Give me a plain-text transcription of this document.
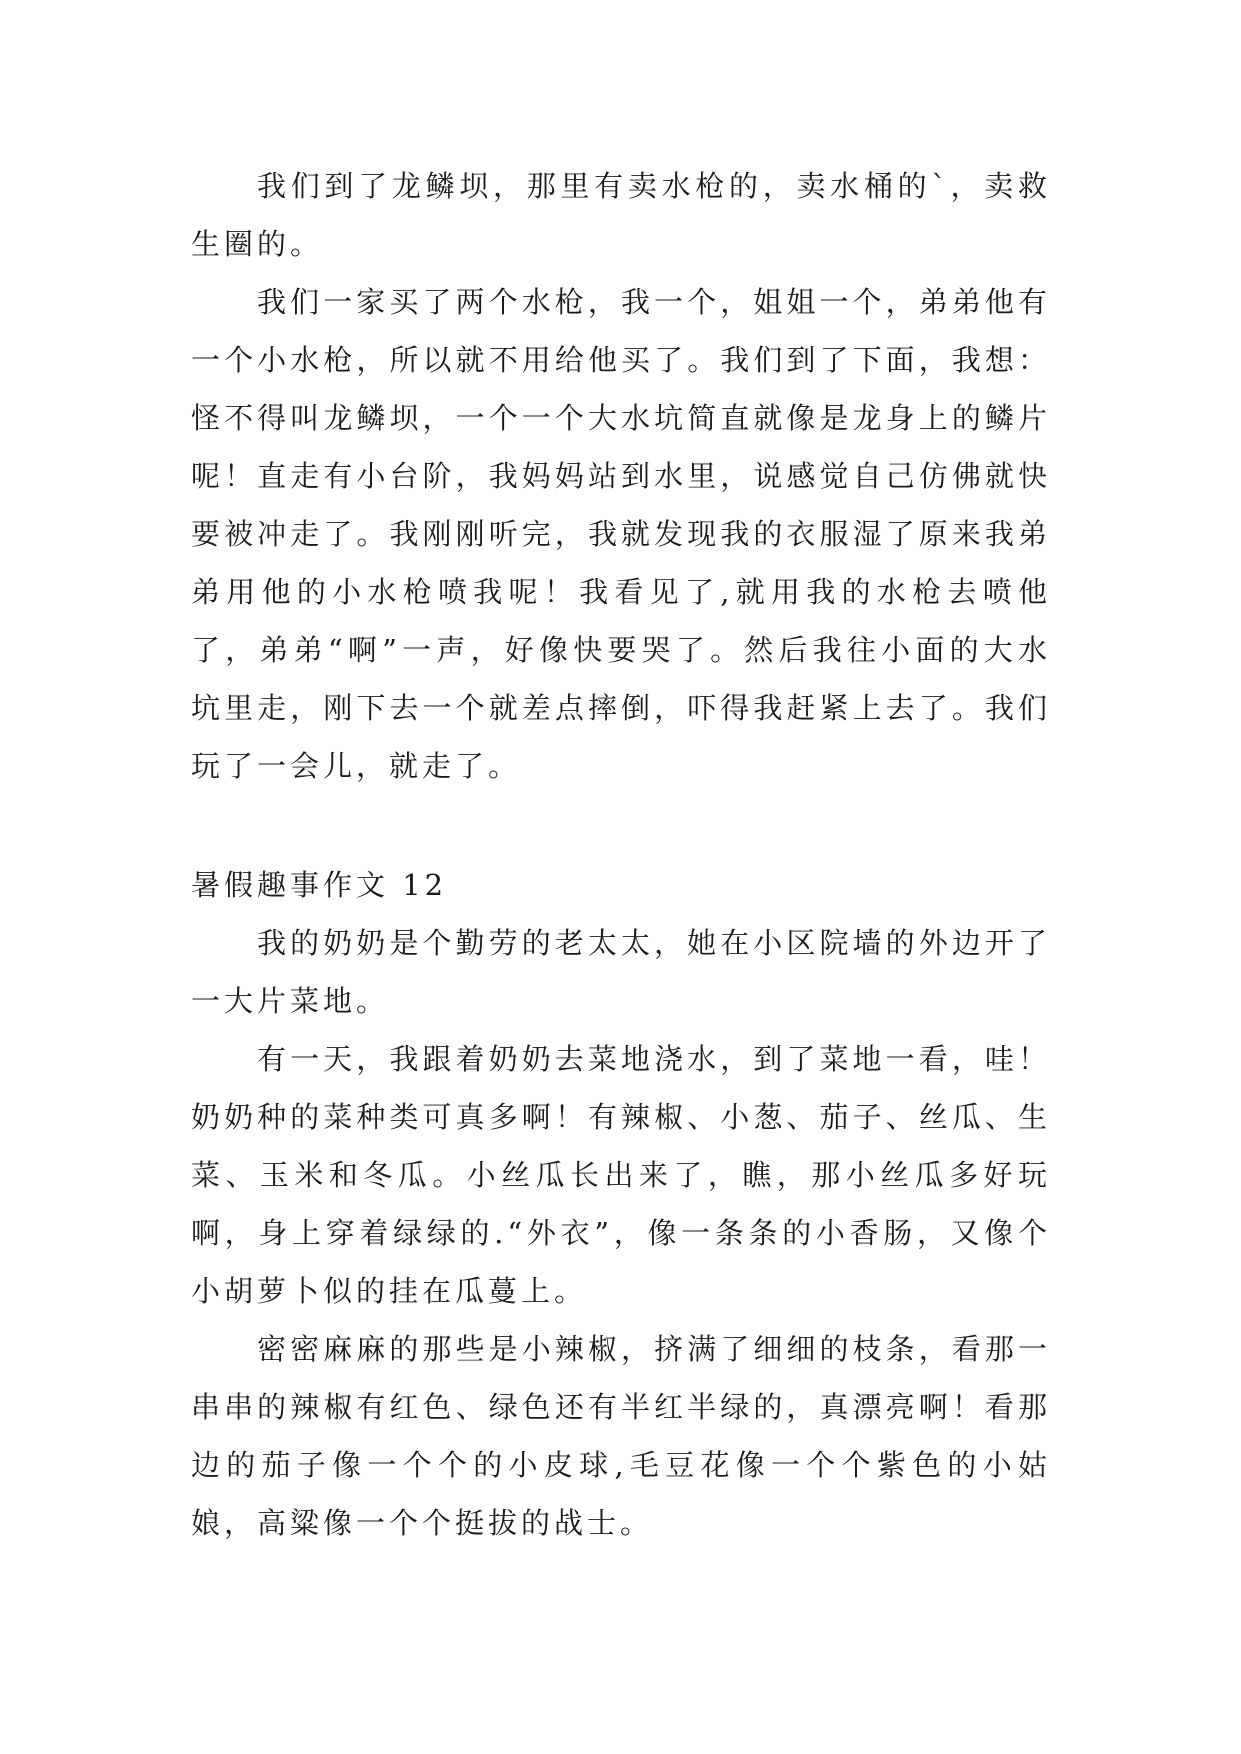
我们到了龙鳞坝，那里有卖水枪的，卖水桶的`，卖救生圈的。

我们一家买了两个水枪，我一个，姐姐一个，弟弟他有一个小水枪，所以就不用给他买了。我们到了下面，我想：怪不得叫龙鳞坝，一个一个大水坑简直就像是龙身上的鳞片呢！直走有小台阶，我妈妈站到水里，说感觉自己仿佛就快要被冲走了。我刚刚听完，我就发现我的衣服湿了原来我弟弟用他的小水枪喷我呢！我看见了,就用我的水枪去喷他了，弟弟“啊”一声，好像快要哭了。然后我往小面的大水坑里走，刚下去一个就差点摔倒，吓得我赶紧上去了。我们玩了一会儿，就走了。

暑假趣事作文 12

我的奶奶是个勤劳的老太太，她在小区院墙的外边开了一大片菜地。

有一天，我跟着奶奶去菜地浇水，到了菜地一看，哇！奶奶种的菜种类可真多啊！有辣椒、小葱、茄子、丝瓜、生菜、玉米和冬瓜。小丝瓜长出来了，瞧，那小丝瓜多好玩啊，身上穿着绿绿的.“外衣”，像一条条的小香肠，又像个小胡萝卜似的挂在瓜蔓上。

密密麻麻的那些是小辣椒，挤满了细细的枝条，看那一串串的辣椒有红色、绿色还有半红半绿的，真漂亮啊！看那边的茄子像一个个的小皮球,毛豆花像一个个紫色的小姑娘，高粱像一个个挺拔的战士。
